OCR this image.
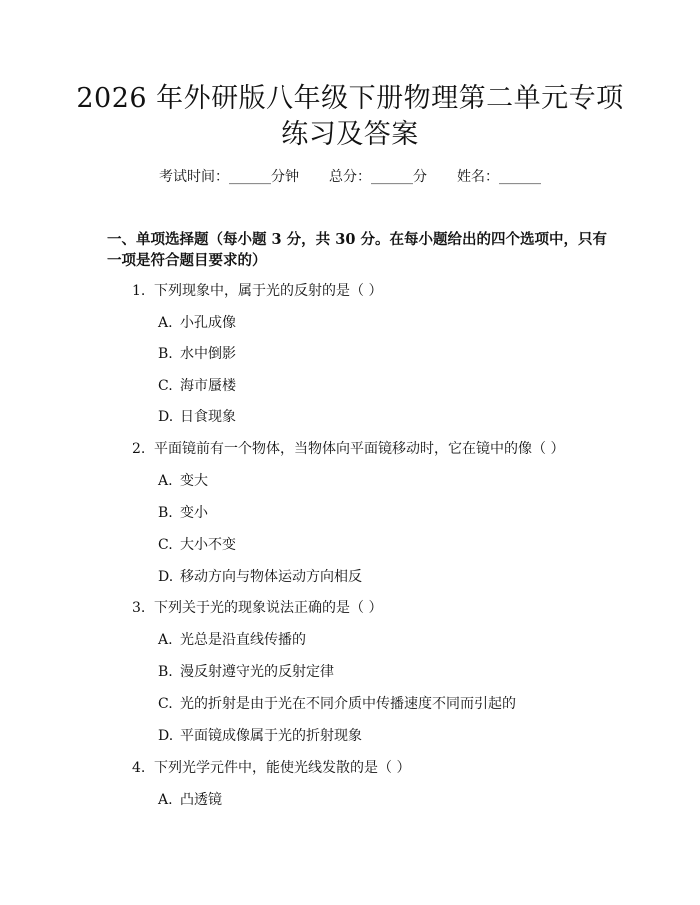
2026 年外研版八年级下册物理第二单元专项
练习及答案
考试时间：______分钟 总分：______分 姓名：______
一、单项选择题（每小题 3 分，共 30 分。在每小题给出的四个选项中，只有一项是符合题目要求的）
1. 下列现象中，属于光的反射的是（ ）
A. 小孔成像
B. 水中倒影
C. 海市蜃楼
D. 日食现象
2. 平面镜前有一个物体，当物体向平面镜移动时，它在镜中的像（ ）
A. 变大
B. 变小
C. 大小不变
D. 移动方向与物体运动方向相反
3. 下列关于光的现象说法正确的是（ ）
A. 光总是沿直线传播的
B. 漫反射遵守光的反射定律
C. 光的折射是由于光在不同介质中传播速度不同而引起的
D. 平面镜成像属于光的折射现象
4. 下列光学元件中，能使光线发散的是（ ）
A. 凸透镜
